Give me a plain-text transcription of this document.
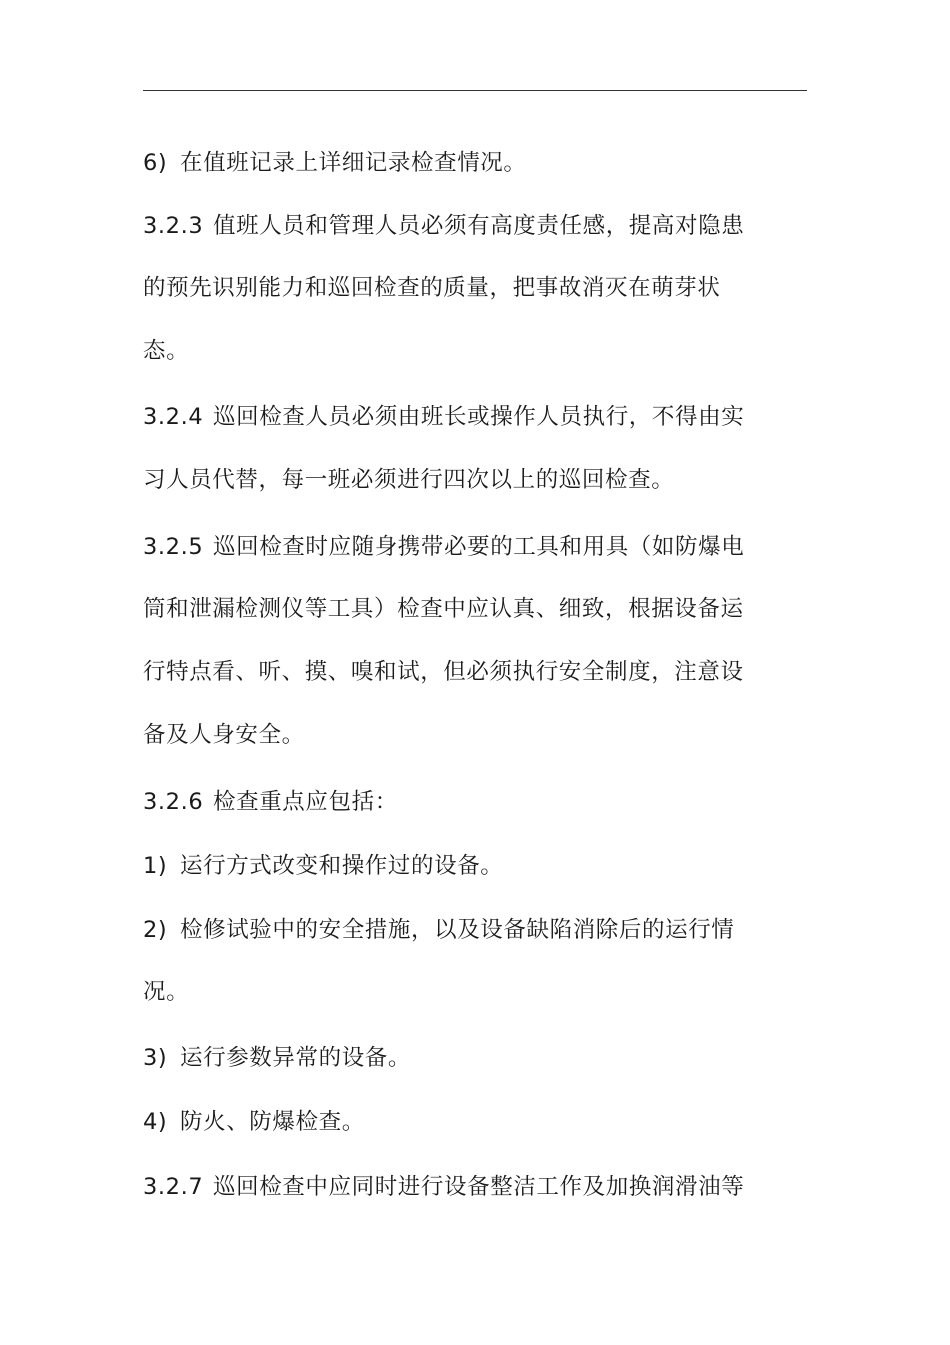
6) 在值班记录上详细记录检查情况。
3.2.3 值班人员和管理人员必须有高度责任感，提高对隐患
的预先识别能力和巡回检查的质量，把事故消灭在萌芽状
态。
3.2.4 巡回检查人员必须由班长或操作人员执行，不得由实
习人员代替，每一班必须进行四次以上的巡回检查。
3.2.5 巡回检查时应随身携带必要的工具和用具（如防爆电
筒和泄漏检测仪等工具）检查中应认真、细致，根据设备运
行特点看、听、摸、嗅和试，但必须执行安全制度，注意设
备及人身安全。
3.2.6 检查重点应包括：
1) 运行方式改变和操作过的设备。
2) 检修试验中的安全措施，以及设备缺陷消除后的运行情
况。
3) 运行参数异常的设备。
4) 防火、防爆检查。
3.2.7 巡回检查中应同时进行设备整洁工作及加换润滑油等
